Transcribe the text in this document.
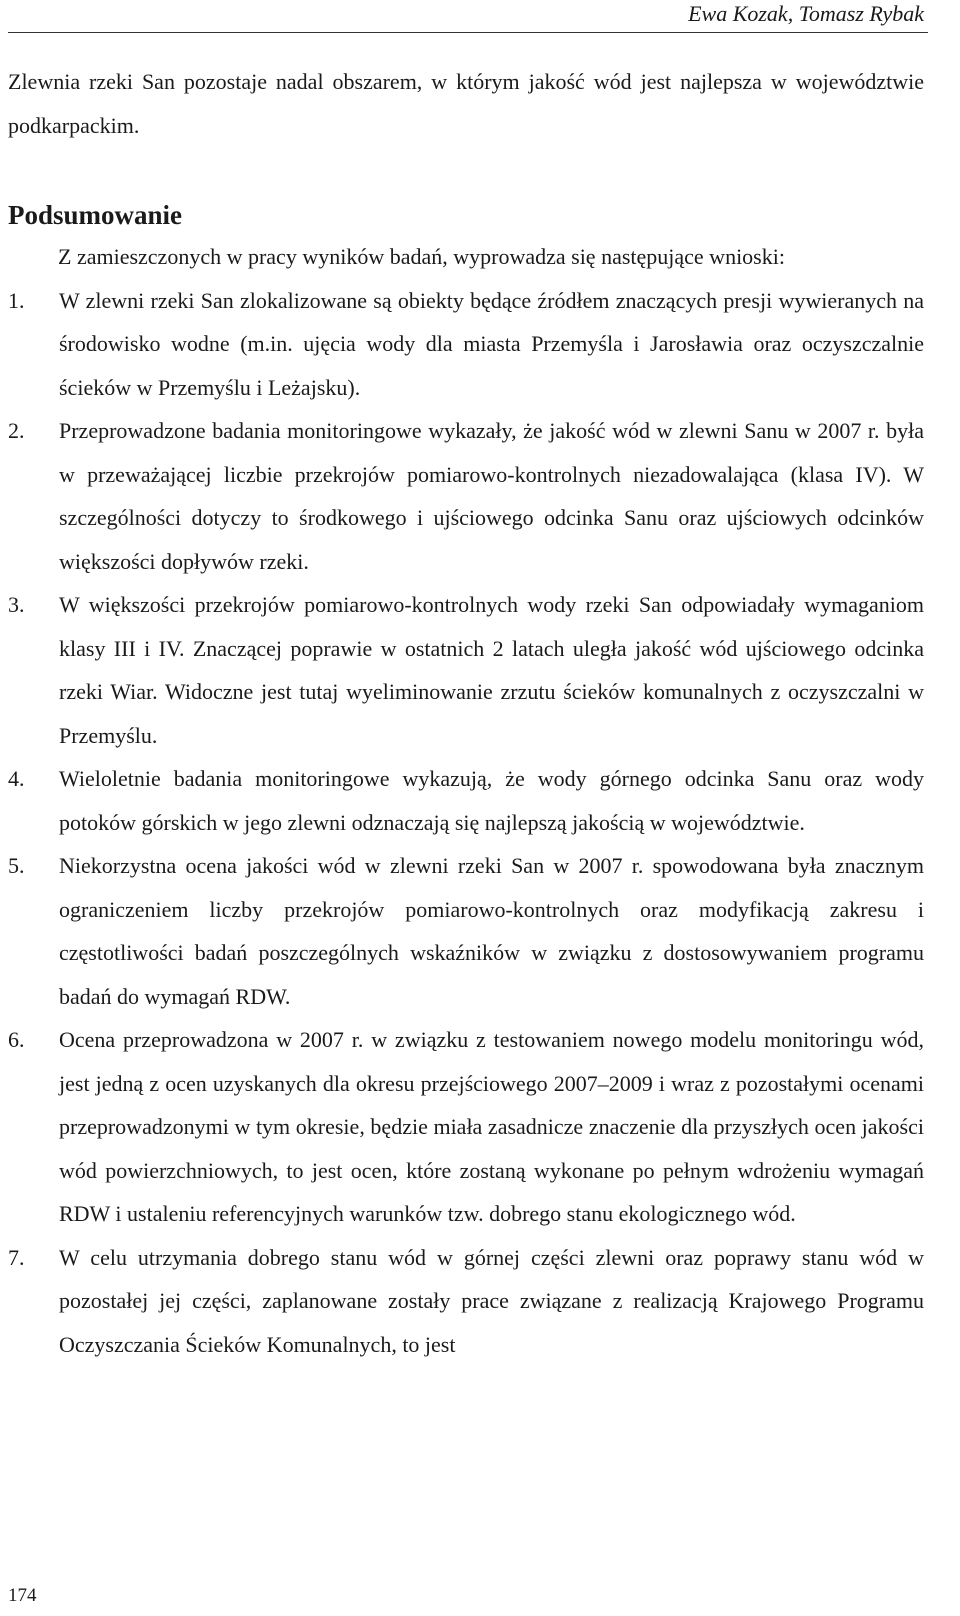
Ewa Kozak, Tomasz Rybak

Zlewnia rzeki San pozostaje nadal obszarem, w którym jakość wód jest najlepsza w województwie podkarpackim.

Podsumowanie

Z zamieszczonych w pracy wyników badań, wyprowadza się następujące wnioski:

1. W zlewni rzeki San zlokalizowane są obiekty będące źródłem znaczących presji wywieranych na środowisko wodne (m.in. ujęcia wody dla miasta Przemyśla i Jarosławia oraz oczyszczalnie ścieków w Przemyślu i Leżajsku).
2. Przeprowadzone badania monitoringowe wykazały, że jakość wód w zlewni Sanu w 2007 r. była w przeważającej liczbie przekrojów pomiarowo-kontrolnych niezadowalająca (klasa IV). W szczególności dotyczy to środkowego i ujściowego odcinka Sanu oraz ujściowych odcinków większości dopływów rzeki.
3. W większości przekrojów pomiarowo-kontrolnych wody rzeki San odpowiadały wymaganiom klasy III i IV. Znaczącej poprawie w ostatnich 2 latach uległa jakość wód ujściowego odcinka rzeki Wiar. Widoczne jest tutaj wyeliminowanie zrzutu ścieków komunalnych z oczyszczalni w Przemyślu.
4. Wieloletnie badania monitoringowe wykazują, że wody górnego odcinka Sanu oraz wody potoków górskich w jego zlewni odznaczają się najlepszą jakością w województwie.
5. Niekorzystna ocena jakości wód w zlewni rzeki San w 2007 r. spowodowana była znacznym ograniczeniem liczby przekrojów pomiarowo-kontrolnych oraz modyfikacją zakresu i częstotliwości badań poszczególnych wskaźników w związku z dostosowywaniem programu badań do wymagań RDW.
6. Ocena przeprowadzona w 2007 r. w związku z testowaniem nowego modelu monitoringu wód, jest jedną z ocen uzyskanych dla okresu przejściowego 2007–2009 i wraz z pozostałymi ocenami przeprowadzonymi w tym okresie, będzie miała zasadnicze znaczenie dla przyszłych ocen jakości wód powierzchniowych, to jest ocen, które zostaną wykonane po pełnym wdrożeniu wymagań RDW i ustaleniu referencyjnych warunków tzw. dobrego stanu ekologicznego wód.
7. W celu utrzymania dobrego stanu wód w górnej części zlewni oraz poprawy stanu wód w pozostałej jej części, zaplanowane zostały prace związane z realizacją Krajowego Programu Oczyszczania Ścieków Komunalnych, to jest
174
